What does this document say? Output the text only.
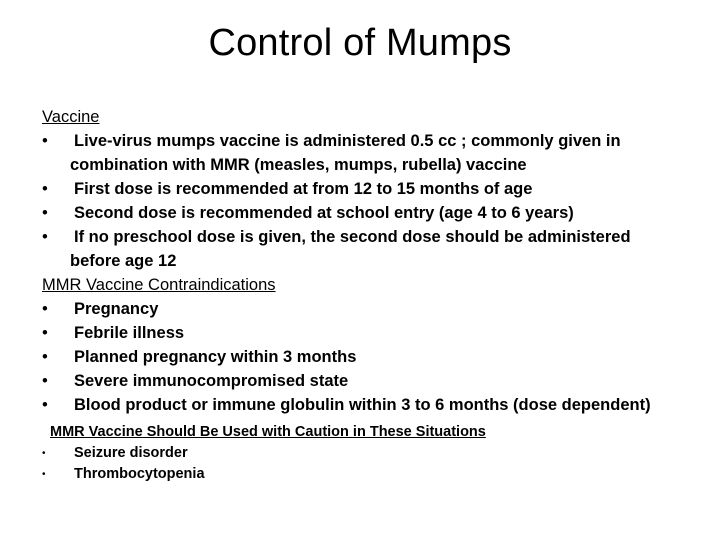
Control of Mumps
Vaccine
• Live-virus mumps vaccine is administered 0.5 cc ; commonly given in combination with MMR (measles, mumps, rubella) vaccine
• First dose is recommended at from 12 to 15 months of age
• Second dose is recommended at school entry (age 4 to 6 years)
• If no preschool dose is given, the second dose should be administered before age 12
MMR Vaccine Contraindications
• Pregnancy
• Febrile illness
• Planned pregnancy within 3 months
• Severe immunocompromised state
• Blood product or immune globulin within 3 to 6 months (dose dependent)
MMR Vaccine Should Be Used with Caution in These Situations
• Seizure disorder
• Thrombocytopenia
